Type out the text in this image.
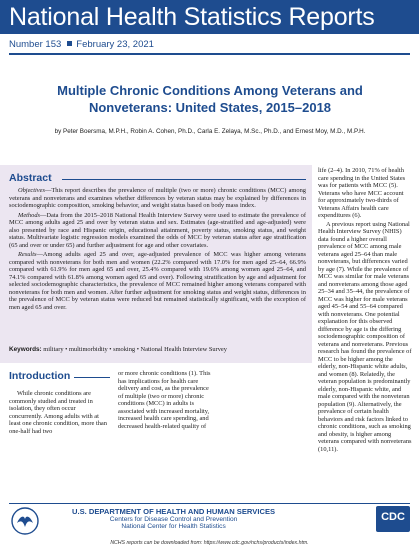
National Health Statistics Reports
Number 153 February 23, 2021
Multiple Chronic Conditions Among Veterans and Nonveterans: United States, 2015–2018
by Peter Boersma, M.P.H., Robin A. Cohen, Ph.D., Carla E. Zelaya, M.Sc., Ph.D., and Ernest Moy, M.D., M.P.H.
Abstract

Objectives—This report describes the prevalence of multiple (two or more) chronic conditions (MCC) among veterans and nonveterans and examines whether differences by veteran status may be explained by differences in sociodemographic composition, smoking behavior, and weight status based on body mass index.

Methods—Data from the 2015–2018 National Health Interview Survey were used to estimate the prevalence of MCC among adults aged 25 and over by veteran status and sex. Estimates (age-stratified and age-adjusted) were also presented by race and Hispanic origin, educational attainment, poverty status, smoking status, and weight status. Multivariate logistic regression models examined the odds of MCC by veteran status after age stratification (65 and over or under 65) and further adjustment for age and other covariates.

Results—Among adults aged 25 and over, age-adjusted prevalence of MCC was higher among veterans compared with nonveterans for both men and women (22.2% compared with 17.0% for men aged 25–64, 66.9% compared with 61.9% for men aged 65 and over, 25.4% compared with 19.6% among women aged 25–64, and 74.1% compared with 61.8% among women aged 65 and over). Following stratification by age and adjustment for selected sociodemographic characteristics, the prevalence of MCC remained higher among veterans compared with nonveterans for both men and women. After further adjustment for smoking status and weight status, differences in the prevalence of MCC by veteran status were reduced but remained statistically significant, with the exception of men aged 65 and over.

Keywords: military • multimorbidity • smoking • National Health Interview Survey

life (2–4). In 2010, 71% of health care spending in the United States was for patients with MCC (5). Veterans who have MCC account for approximately two-thirds of Veterans Affairs health care expenditures (6).

A previous report using National Health Interview Survey (NHIS) data found a higher overall prevalence of MCC among male veterans aged 25–64 than male nonveterans, but differences varied by age (7). While the prevalence of MCC was similar for male veterans and nonveterans among those aged 25–34 and 35–44, the prevalence of MCC was higher for male veterans aged 45–54 and 55–64 compared with nonveterans. One potential explanation for this observed difference by age is the differing sociodemographic composition of veterans and nonveterans. Previous research has found the prevalence of MCC to be higher among the elderly, non-Hispanic white adults, and women (8). Relatedly, the veteran population is predominantly elderly, non-Hispanic white, and male compared with the nonveteran population (9). Alternatively, the prevalence of certain health behaviors and risk factors linked to chronic conditions, such as smoking and obesity, is higher among veterans compared with nonveterans (10,11).

Introduction
While chronic conditions are commonly studied and treated in isolation, they often occur concurrently. Among adults with at least one chronic condition, more than one-half had two
or more chronic conditions (1). This has implications for health care delivery and cost, as the prevalence of multiple (two or more) chronic conditions (MCC) in adults is associated with increased mortality, increased health care spending, and decreased health-related quality of
U.S. DEPARTMENT OF HEALTH AND HUMAN SERVICES
Centers for Disease Control and Prevention
National Center for Health Statistics
CDC
NCHS reports can be downloaded from: https://www.cdc.gov/nchs/products/index.htm.
